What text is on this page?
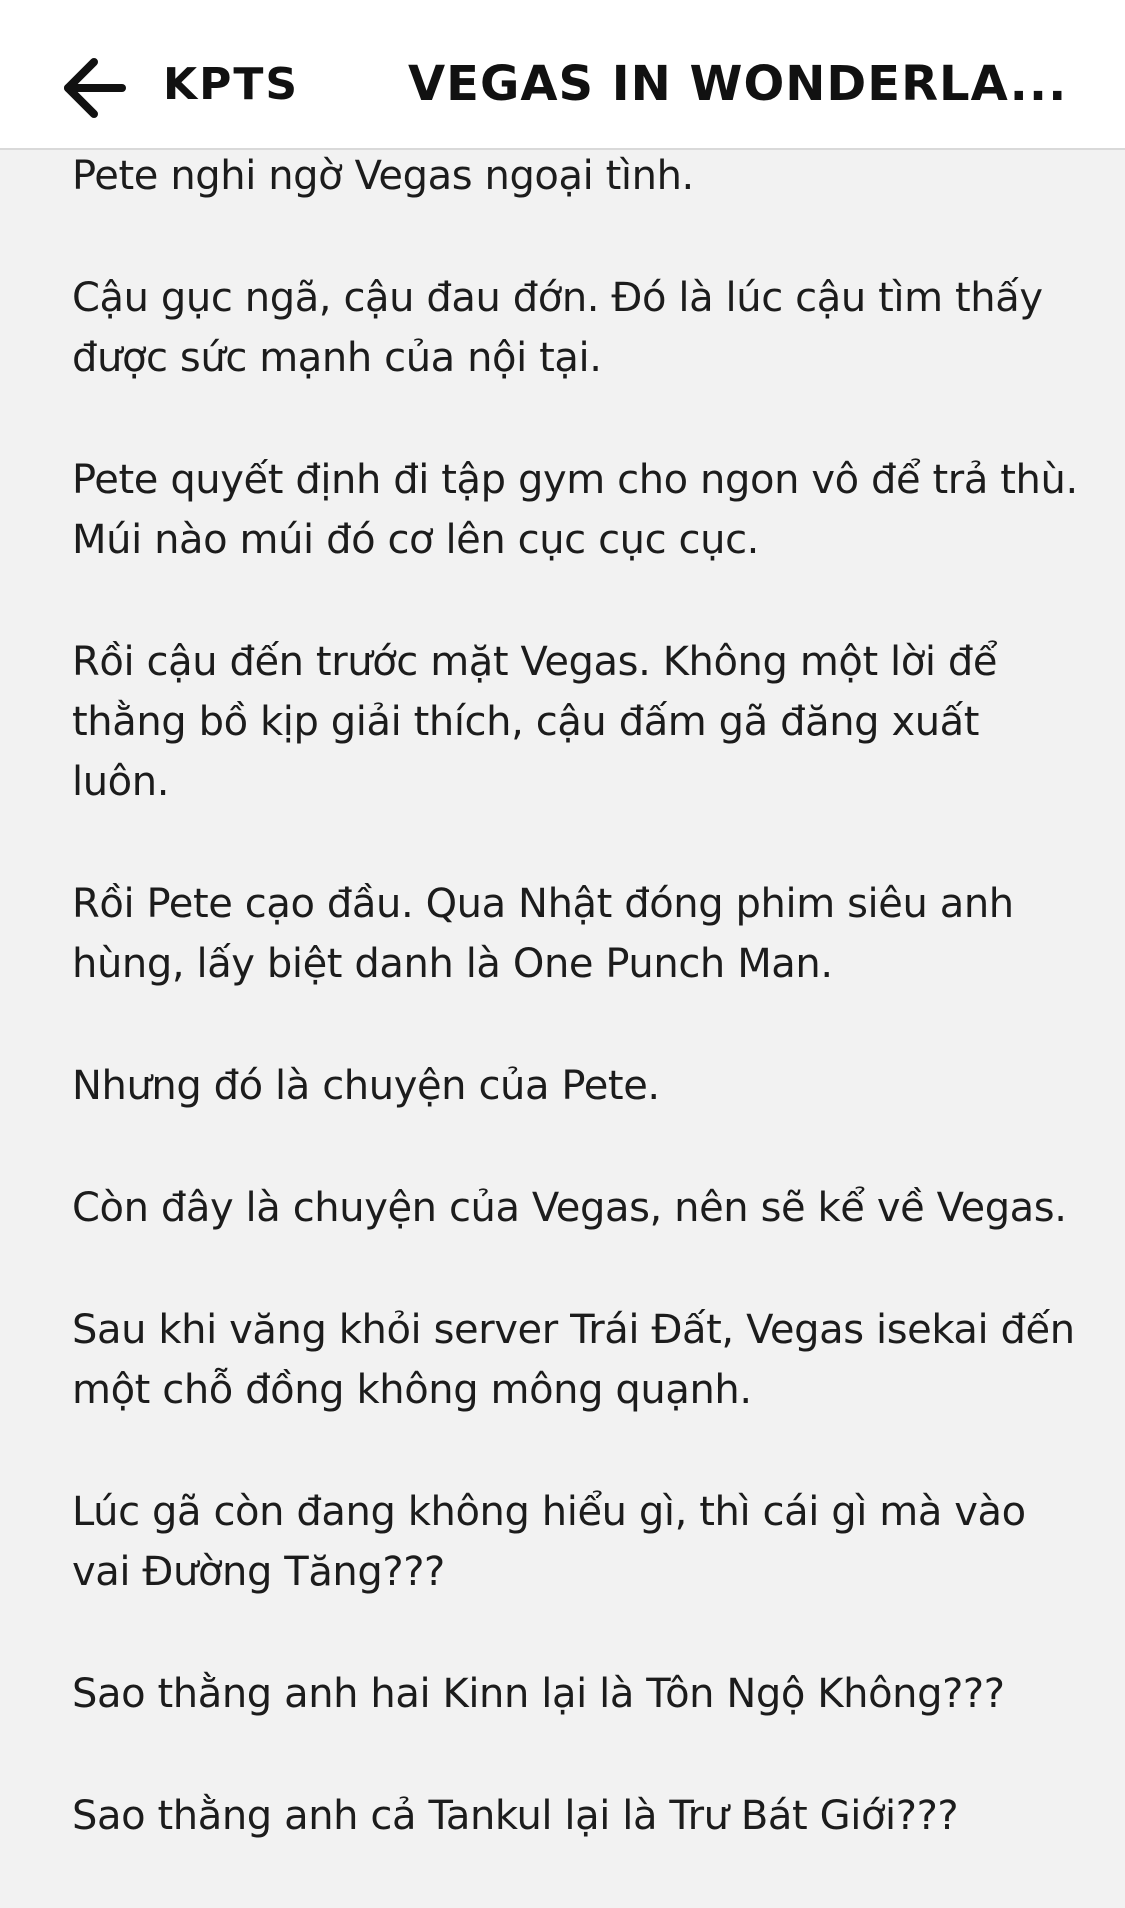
KPTS VEGAS IN WONDERLA...

Pete nghi ngờ Vegas ngoại tình.

Cậu gục ngã, cậu đau đớn. Đó là lúc cậu tìm thấy được sức mạnh của nội tại.

Pete quyết định đi tập gym cho ngon vô để trả thù. Múi nào múi đó cơ lên cục cục cục.

Rồi cậu đến trước mặt Vegas. Không một lời để thằng bồ kịp giải thích, cậu đấm gã đăng xuất luôn.

Rồi Pete cạo đầu. Qua Nhật đóng phim siêu anh hùng, lấy biệt danh là One Punch Man.

Nhưng đó là chuyện của Pete.

Còn đây là chuyện của Vegas, nên sẽ kể về Vegas.

Sau khi văng khỏi server Trái Đất, Vegas isekai đến một chỗ đồng không mông quạnh.

Lúc gã còn đang không hiểu gì, thì cái gì mà vào vai Đường Tăng???

Sao thằng anh hai Kinn lại là Tôn Ngộ Không???

Sao thằng anh cả Tankul lại là Trư Bát Giới???
